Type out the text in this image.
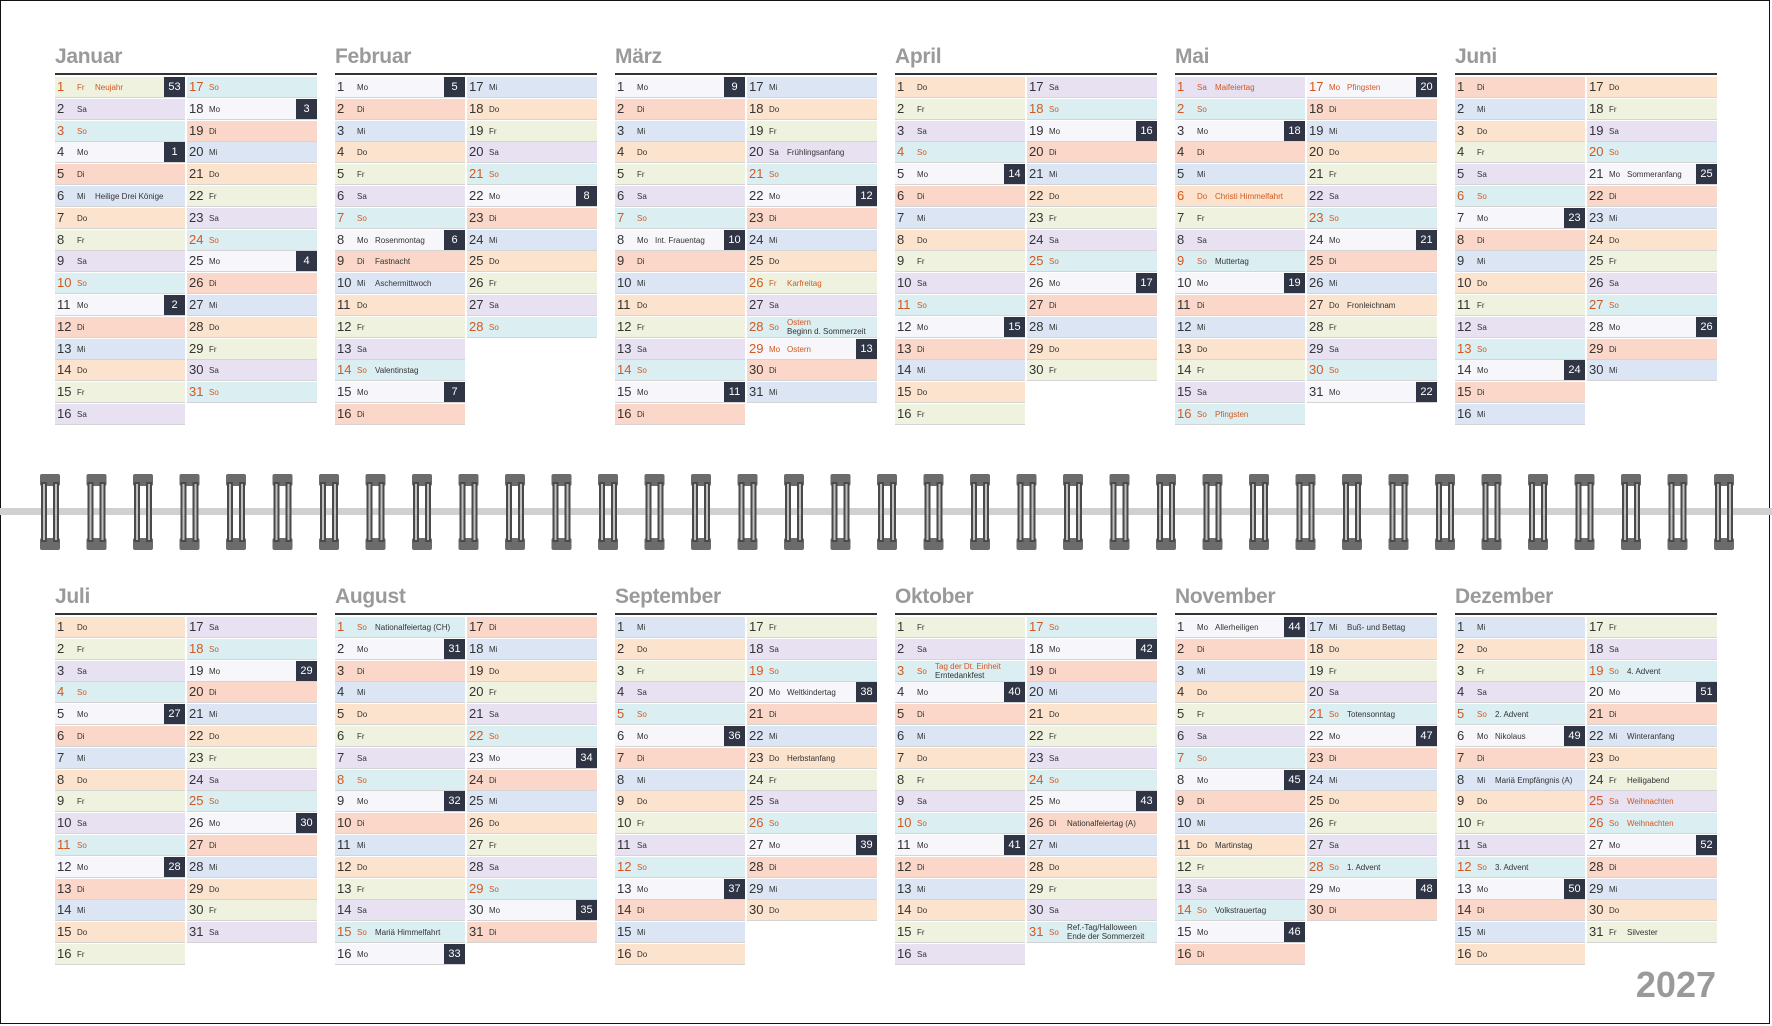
Januar
1 Fr Neujahr	53
2 Sa
3 So
4 Mo	1
5 Di
6 Mi Heilige Drei Könige
7 Do
8 Fr
9 Sa
10 So
11 Mo	2
12 Di
13 Mi
14 Do
15 Fr
16 Sa
17 So
18 Mo	3
19 Di
20 Mi
21 Do
22 Fr
23 Sa
24 So
25 Mo	4
26 Di
27 Mi
28 Do
29 Fr
30 Sa
31 So
Februar
1 Mo	5
2 Di
3 Mi
4 Do
5 Fr
6 Sa
7 So
8 Mo Rosenmontag	6
9 Di Fastnacht
10 Mi Aschermittwoch
11 Do
12 Fr
13 Sa
14 So Valentinstag
15 Mo	7
16 Di
17 Mi
18 Do
19 Fr
20 Sa
21 So
22 Mo	8
23 Di
24 Mi
25 Do
26 Fr
27 Sa
28 So
März
1 Mo	9
2 Di
3 Mi
4 Do
5 Fr
6 Sa
7 So
8 Mo Int. Frauentag	10
9 Di
10 Mi
11 Do
12 Fr
13 Sa
14 So
15 Mo	11
16 Di
17 Mi
18 Do
19 Fr
20 Sa Frühlingsanfang
21 So
22 Mo	12
23 Di
24 Mi
25 Do
26 Fr Karfreitag
27 Sa
28 So
Ostern
Beginn d. Sommerzeit
29 Mo Ostern	13
30 Di
31 Mi
April
1 Do
2 Fr
3 Sa
4 So
5 Mo	14
6 Di
7 Mi
8 Do
9 Fr
10 Sa
11 So
12 Mo	15
13 Di
14 Mi
15 Do
16 Fr
17 Sa
18 So
19 Mo	16
20 Di
21 Mi
22 Do
23 Fr
24 Sa
25 So
26 Mo	17
27 Di
28 Mi
29 Do
30 Fr
Mai
1 Sa Maifeiertag
2 So
3 Mo	18
4 Di
5 Mi
6 Do Christi Himmelfahrt
7 Fr
8 Sa
9 So Muttertag
10 Mo	19
11 Di
12 Mi
13 Do
14 Fr
15 Sa
16 So Pfingsten
17 Mo Pfingsten	20
18 Di
19 Mi
20 Do
21 Fr
22 Sa
23 So
24 Mo	21
25 Di
26 Mi
27 Do Fronleichnam
28 Fr
29 Sa
30 So
31 Mo	22
Juni
1 Di
2 Mi
3 Do
4 Fr
5 Sa
6 So
7 Mo	23
8 Di
9 Mi
10 Do
11 Fr
12 Sa
13 So
14 Mo	24
15 Di
16 Mi
17 Do
18 Fr
19 Sa
20 So
21 Mo Sommeranfang	25
22 Di
23 Mi
24 Do
25 Fr
26 Sa
27 So
28 Mo	26
29 Di
30 Mi
Juli
1 Do
2 Fr
3 Sa
4 So
5 Mo	27
6 Di
7 Mi
8 Do
9 Fr
10 Sa
11 So
12 Mo	28
13 Di
14 Mi
15 Do
16 Fr
17 Sa
18 So
19 Mo	29
20 Di
21 Mi
22 Do
23 Fr
24 Sa
25 So
26 Mo	30
27 Di
28 Mi
29 Do
30 Fr
31 Sa
August
1 So Nationalfeiertag (CH)
2 Mo	31
3 Di
4 Mi
5 Do
6 Fr
7 Sa
8 So
9 Mo	32
10 Di
11 Mi
12 Do
13 Fr
14 Sa
15 So Mariä Himmelfahrt
16 Mo	33
17 Di
18 Mi
19 Do
20 Fr
21 Sa
22 So
23 Mo	34
24 Di
25 Mi
26 Do
27 Fr
28 Sa
29 So
30 Mo	35
31 Di
September
1 Mi
2 Do
3 Fr
4 Sa
5 So
6 Mo	36
7 Di
8 Mi
9 Do
10 Fr
11 Sa
12 So
13 Mo	37
14 Di
15 Mi
16 Do
17 Fr
18 Sa
19 So
20 Mo Weltkindertag	38
21 Di
22 Mi
23 Do Herbstanfang
24 Fr
25 Sa
26 So
27 Mo	39
28 Di
29 Mi
30 Do
Oktober
1 Fr
2 Sa
3 So
Tag der Dt. Einheit
Erntedankfest
4 Mo	40
5 Di
6 Mi
7 Do
8 Fr
9 Sa
10 So
11 Mo	41
12 Di
13 Mi
14 Do
15 Fr
16 Sa
17 So
18 Mo	42
19 Di
20 Mi
21 Do
22 Fr
23 Sa
24 So
25 Mo	43
26 Di Nationalfeiertag (A)
27 Mi
28 Do
29 Fr
30 Sa
31 So
Ref.-Tag/Halloween
Ende der Sommerzeit
November
1 Mo Allerheiligen	44
2 Di
3 Mi
4 Do
5 Fr
6 Sa
7 So
8 Mo	45
9 Di
10 Mi
11 Do Martinstag
12 Fr
13 Sa
14 So Volkstrauertag
15 Mo	46
16 Di
17 Mi Buß- und Bettag
18 Do
19 Fr
20 Sa
21 So Totensonntag
22 Mo	47
23 Di
24 Mi
25 Do
26 Fr
27 Sa
28 So 1. Advent
29 Mo	48
30 Di
Dezember
1 Mi
2 Do
3 Fr
4 Sa
5 So 2. Advent
6 Mo Nikolaus	49
7 Di
8 Mi Mariä Empfängnis (A)
9 Do
10 Fr
11 Sa
12 So 3. Advent
13 Mo	50
14 Di
15 Mi
16 Do
17 Fr
18 Sa
19 So 4. Advent
20 Mo	51
21 Di
22 Mi Winteranfang
23 Do
24 Fr Heiligabend
25 Sa Weihnachten
26 So Weihnachten
27 Mo	52
28 Di
29 Mi
30 Do
31 Fr Silvester
2027
